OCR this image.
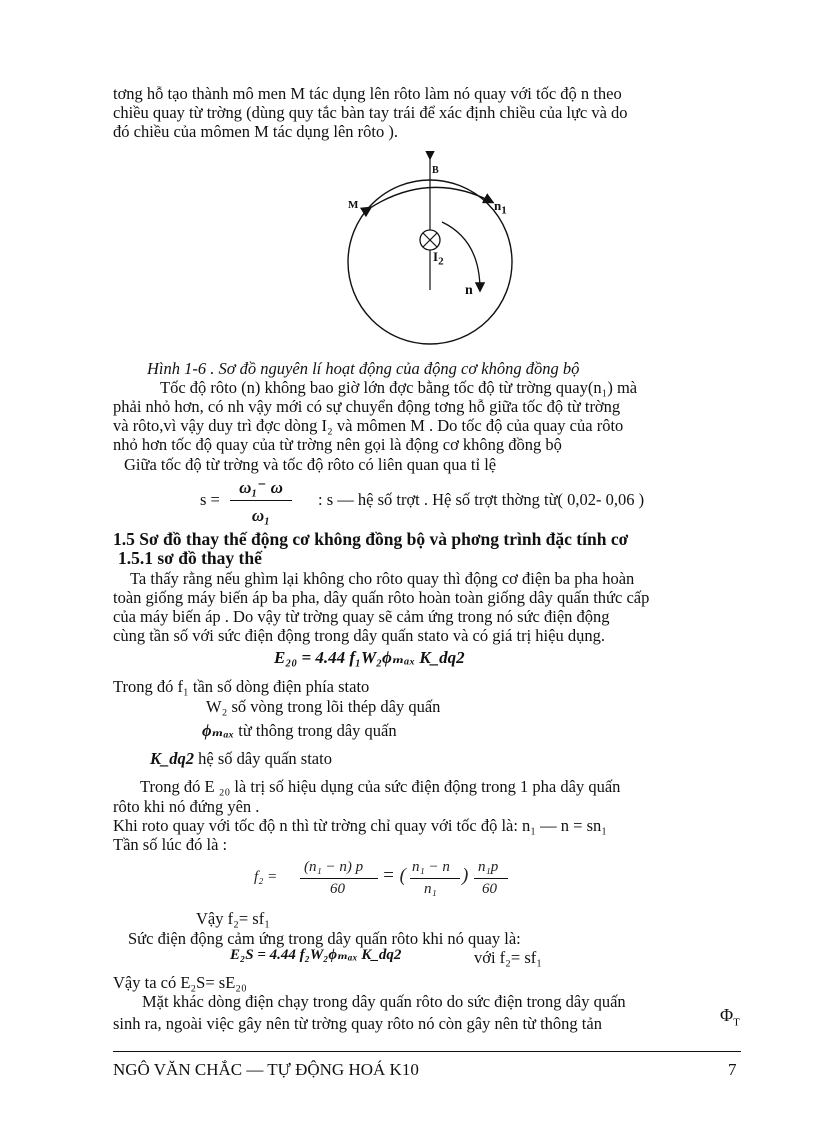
tơng hỗ tạo thành mô men M tác dụng lên rôto làm nó quay với tốc độ n theo
chiều quay từ trờng (dùng quy tắc bàn tay trái để xác định chiều của lực và do
đó chiều của mômen M tác dụng lên rôto ).
B
M	$n_1$
$I_2$
n
Hình 1-6 . Sơ đồ nguyên lí hoạt động của động cơ không đồng bộ
Tốc độ rôto (n) không bao giờ lớn đợc bằng tốc độ từ trờng quay(n₁) mà
phải nhỏ hơn, có nh vậy mới có sự chuyển động tơng hỗ giữa tốc độ từ trờng
và rôto,vì vậy duy trì đợc dòng I₂ và mômen M . Do tốc độ của quay của rôto
nhỏ hơn tốc độ quay của từ trờng nên gọi là động cơ không đồng bộ
Giữa tốc độ từ trờng và tốc độ rôto có liên quan qua tỉ lệ
s =
ω₁⁻ ω
ω₁
: s — hệ số trợt . Hệ số trợt thờng từ( 0,02- 0,06 )
1.5 Sơ đồ thay thế động cơ không đồng bộ và phơng trình đặc tính cơ
1.5.1 sơ đồ thay thế
Ta thấy rằng nếu ghìm lại không cho rôto quay thì động cơ điện ba pha hoàn
toàn giống máy biến áp ba pha, dây quấn rôto hoàn toàn giống dây quấn thức cấp
của máy biến áp . Do vậy từ trờng quay sẽ cảm ứng trong nó sức điện động
cùng tần số với sức điện động trong dây quấn stato và có giá trị hiệu dụng.
E₂₀ = 4.44 f₁W₂ϕₘₐₓ K_dq2
Trong đó f₁ tần số dòng điện phía stato
W₂ số vòng trong lõi thép dây quấn
ϕₘₐₓ từ thông trong dây quấn
K_dq2 hệ số dây quấn stato
Trong đó E ₂₀ là trị số hiệu dụng của sức điện động trong 1 pha dây quấn
rôto khi nó đứng yên .
Khi roto quay với tốc độ n thì từ trờng chỉ quay với tốc độ là: n₁ — n = sn₁
Tần số lúc đó là :
f₂ =
(n₁ − n) p
60
= ( n₁ − n
n₁
) n₁p
60
Vậy f₂= sf₁
Sức điện động cảm ứng trong dây quấn rôto khi nó quay là:
E₂S = 4.44 f₂W₂ϕₘₐₓ K_dq2	với f₂= sf₁
Vậy ta có E₂S= sE₂₀
Mặt khác dòng điện chạy trong dây quấn rôto do sức điện trong dây quấn
sinh ra, ngoài việc gây nên từ trờng quay rôto nó còn gây nên từ thông tản	$\Phi_T$
NGÔ VĂN CHẮC — TỰ ĐỘNG HOÁ K10	7
